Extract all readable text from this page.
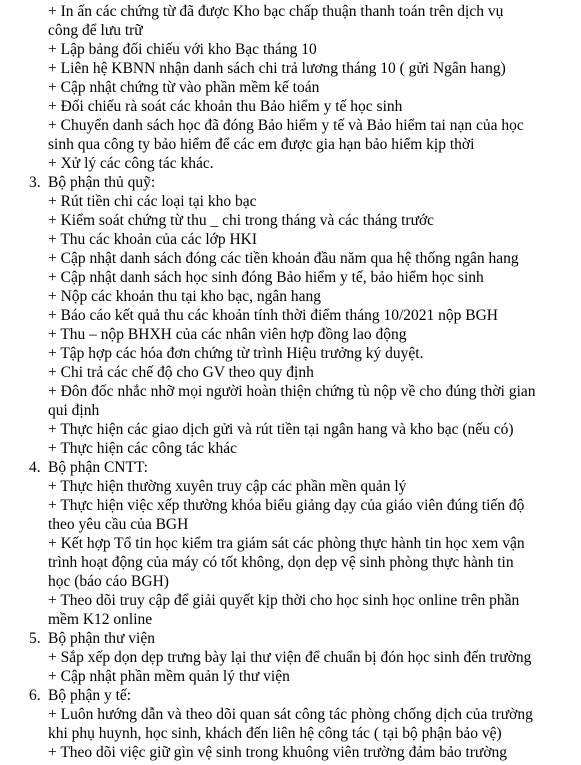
+ In ấn các chứng từ đã được Kho bạc chấp thuận thanh toán trên dịch vụ
công để lưu trữ
+ Lập bảng đối chiếu với kho Bạc tháng 10
+ Liên hệ KBNN nhận danh sách chi trả lương tháng 10 ( gửi Ngân hang)
+ Cập nhật chứng từ vào phần mềm kế toán
+ Đối chiếu rà soát các khoản thu Bảo hiểm y tế học sinh
+ Chuyển danh sách học đã đóng Bảo hiểm y tế và Bảo hiểm tai nạn của học
sinh qua công ty bảo hiểm để các em được gia hạn bảo hiểm kịp thời
+ Xử lý các công tác khác.
3. Bộ phận thủ quỹ:
+ Rút tiền chi các loại tại kho bạc
+ Kiểm soát chứng từ thu _ chi trong tháng và các tháng trước
+ Thu các khoản của các lớp HKI
+ Cập nhật danh sách đóng các tiền khoản đầu năm qua hệ thống ngân hang
+ Cập nhật danh sách học sinh đóng Bảo hiểm y tế, bảo hiểm học sinh
+ Nộp các khoản thu tại kho bạc, ngân hang
+ Báo cáo kết quả thu các khoản tính thời điểm tháng 10/2021 nộp BGH
+ Thu – nộp BHXH của các nhân viên hợp đồng lao động
+ Tập hợp các hóa đơn chứng từ trình Hiệu trưởng ký duyệt.
+ Chi trả các chế độ cho GV theo quy định
+ Đôn đốc nhắc nhỡ mọi người hoàn thiện chứng tù nộp về cho đúng thời gian
qui định
+ Thực hiện các giao dịch gửi và rút tiền tại ngân hang và kho bạc (nếu có)
+ Thực hiện các công tác khác
4. Bộ phận CNTT:
+ Thực hiện thường xuyên truy cập các phần mền quản lý
+ Thực hiện việc xếp thường khóa biểu giảng dạy của giáo viên đúng tiến độ
theo yêu cầu của BGH
+ Kết hợp Tổ tin học kiểm tra giám sát các phòng thực hành tin học xem vận
trình hoạt động của máy có tốt không, dọn dẹp vệ sinh phòng thực hành tin
học (báo cáo BGH)
+ Theo dõi truy cập để giải quyết kịp thời cho học sinh học online trên phần
mềm K12 online
5. Bộ phận thư viện
+ Sắp xếp dọn dẹp trưng bày lại thư viện để chuẩn bị đón học sinh đến trường
+ Cập nhật phần mềm quản lý thư viện
6. Bộ phận y tế:
+ Luôn hướng dẫn và theo dõi quan sát công tác phòng chống dịch của trường
khi phụ huynh, học sinh, khách đến liên hệ công tác ( tại bộ phận bảo vệ)
+ Theo dõi việc giữ gìn vệ sinh trong khuông viên trường đảm bảo trường
